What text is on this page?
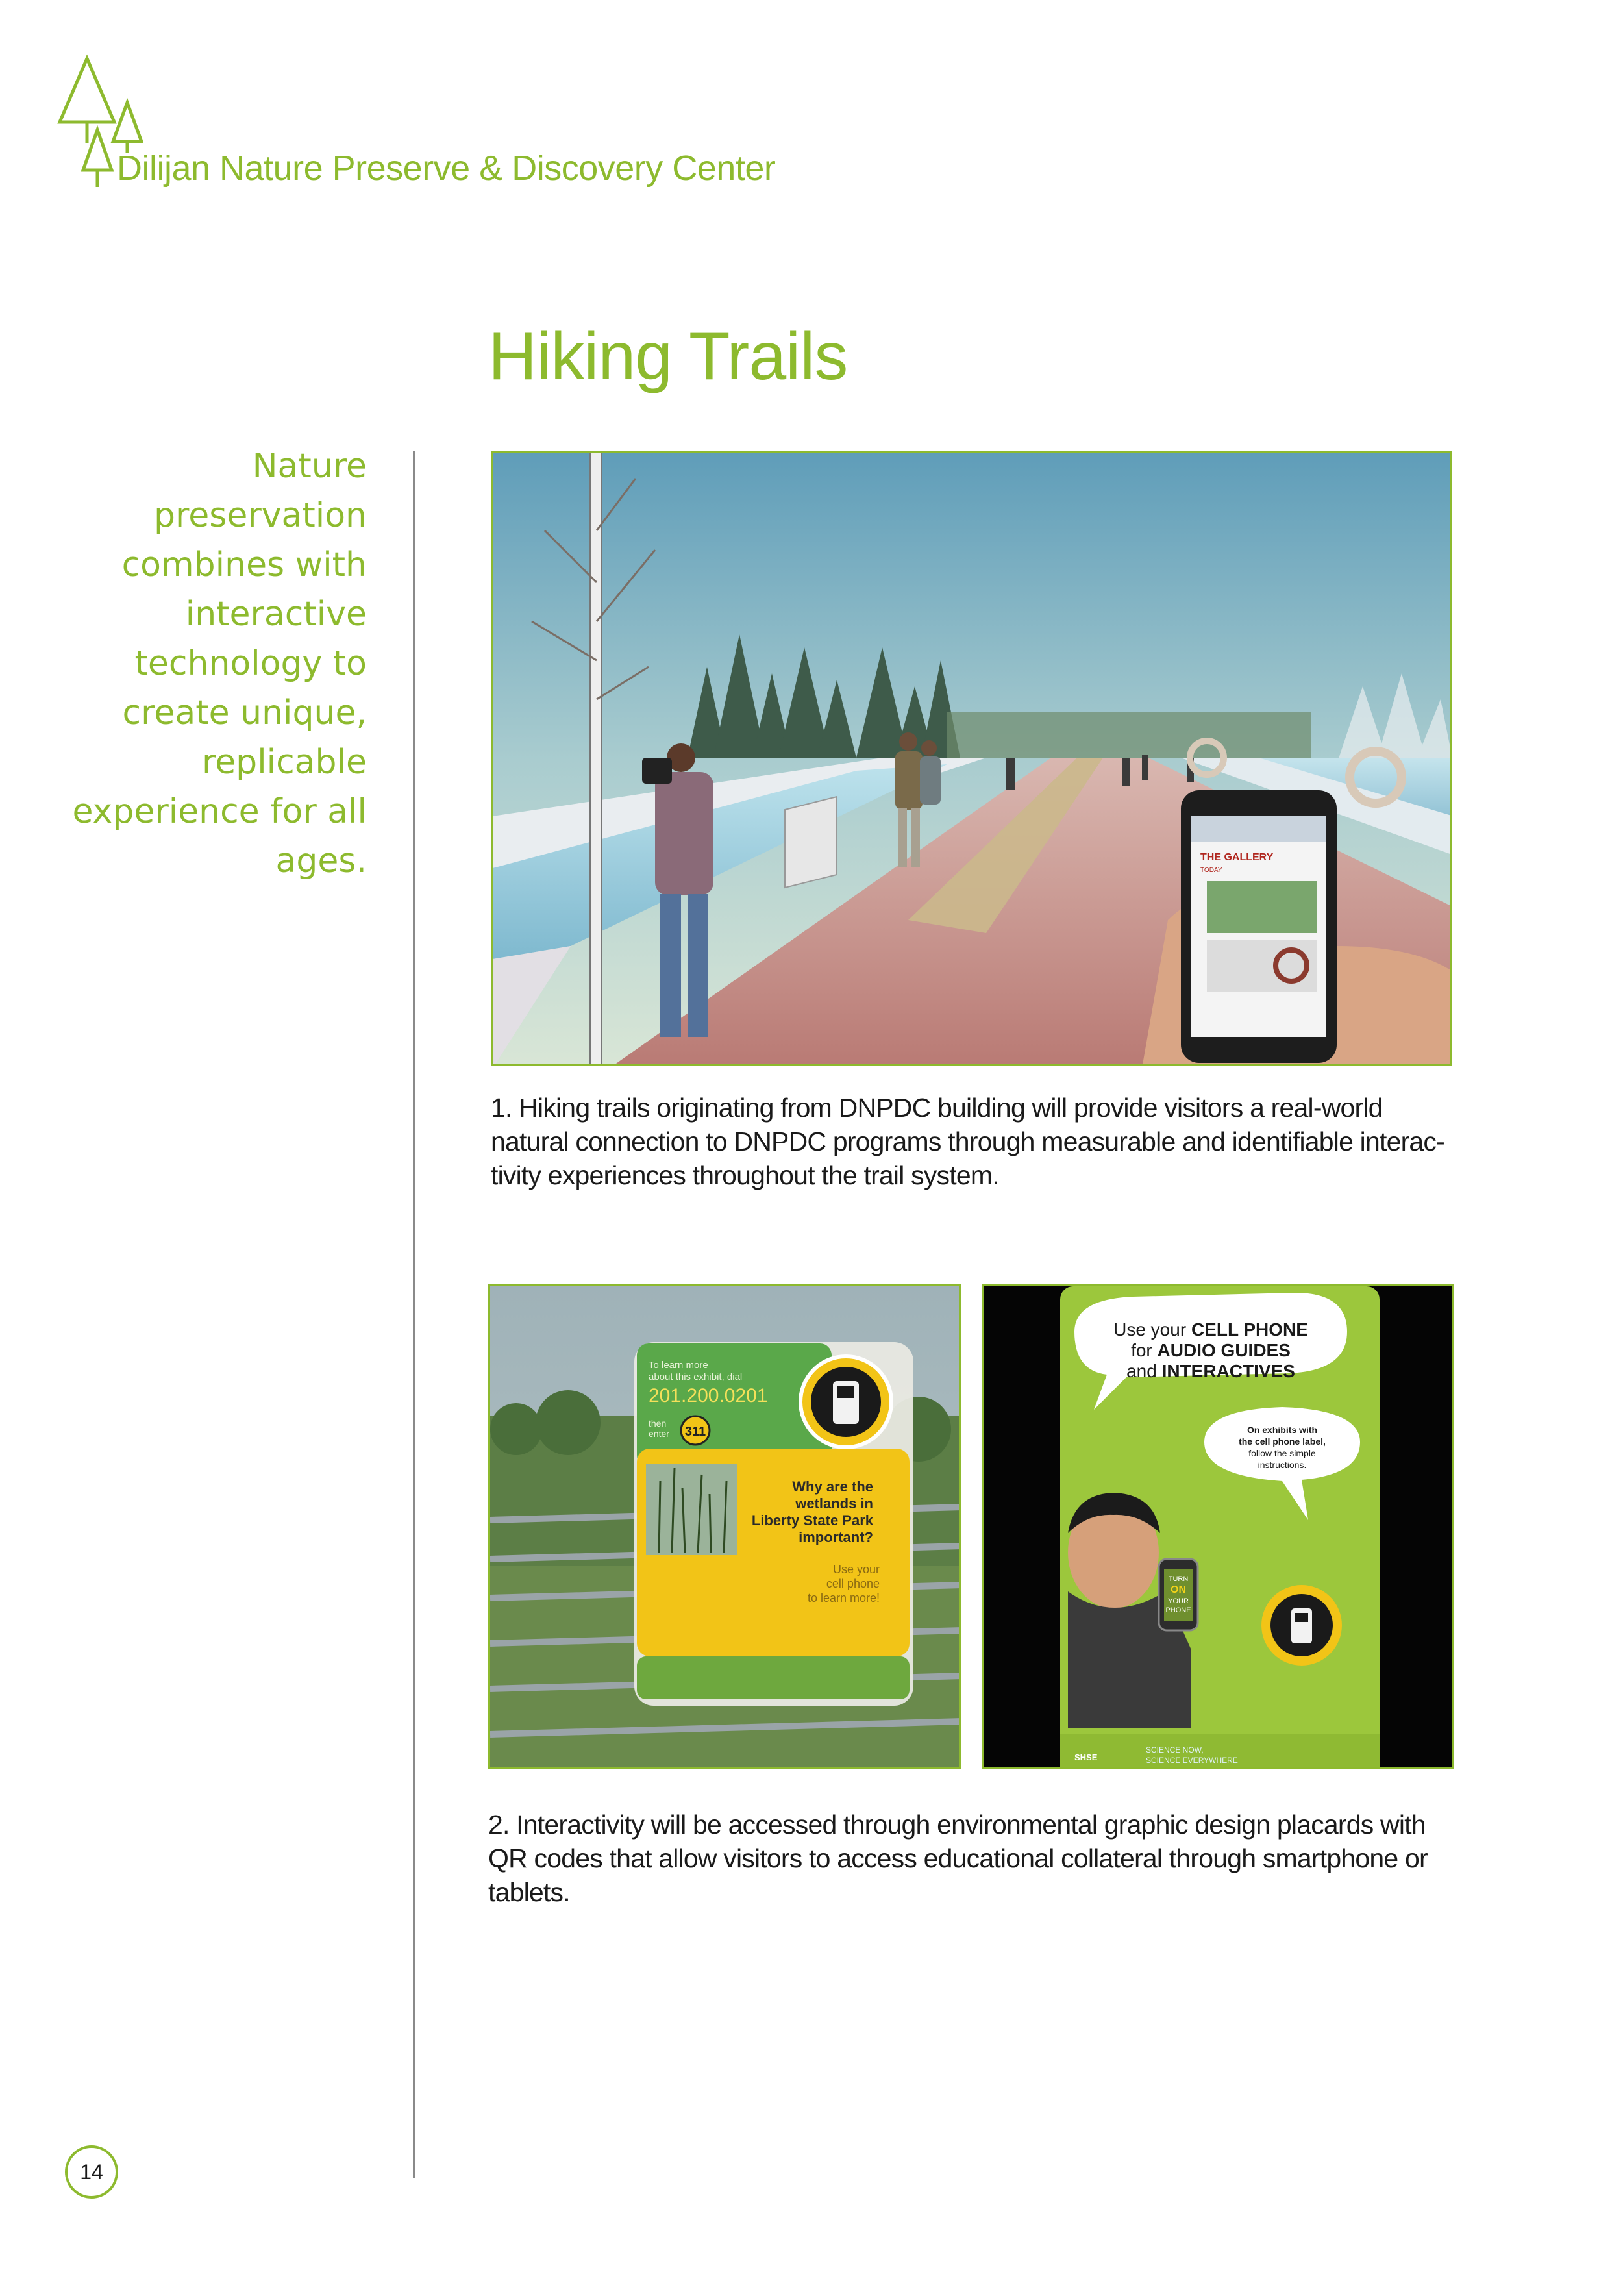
Dilijan Nature Preserve & Discovery Center
Hiking Trails
Nature preservation combines with interactive technology to create unique, replicable experience for all ages.	THE GALLERY
TODAY
1. Hiking trails originating from DNPDC building will provide visitors a real-world
natural connection to DNPDC programs through measurable and identifiable interac-
tivity experiences throughout the trail system.
To learn more
about this exhibit, dial
201.200.0201
then
enter 311
Why are the
wetlands in
Liberty State Park
important?
Use your
cell phone
to learn more!
Use your CELL PHONE
for AUDIO GUIDES
and INTERACTIVES
On exhibits with
the cell phone label,
follow the simple
instructions.
TURN
ON
YOUR
PHONE
SHSE
SCIENCE NOW,
SCIENCE EVERYWHERE
2. Interactivity will be accessed through environmental graphic design placards with
QR codes that allow visitors to access educational collateral through smartphone or
tablets.
14
